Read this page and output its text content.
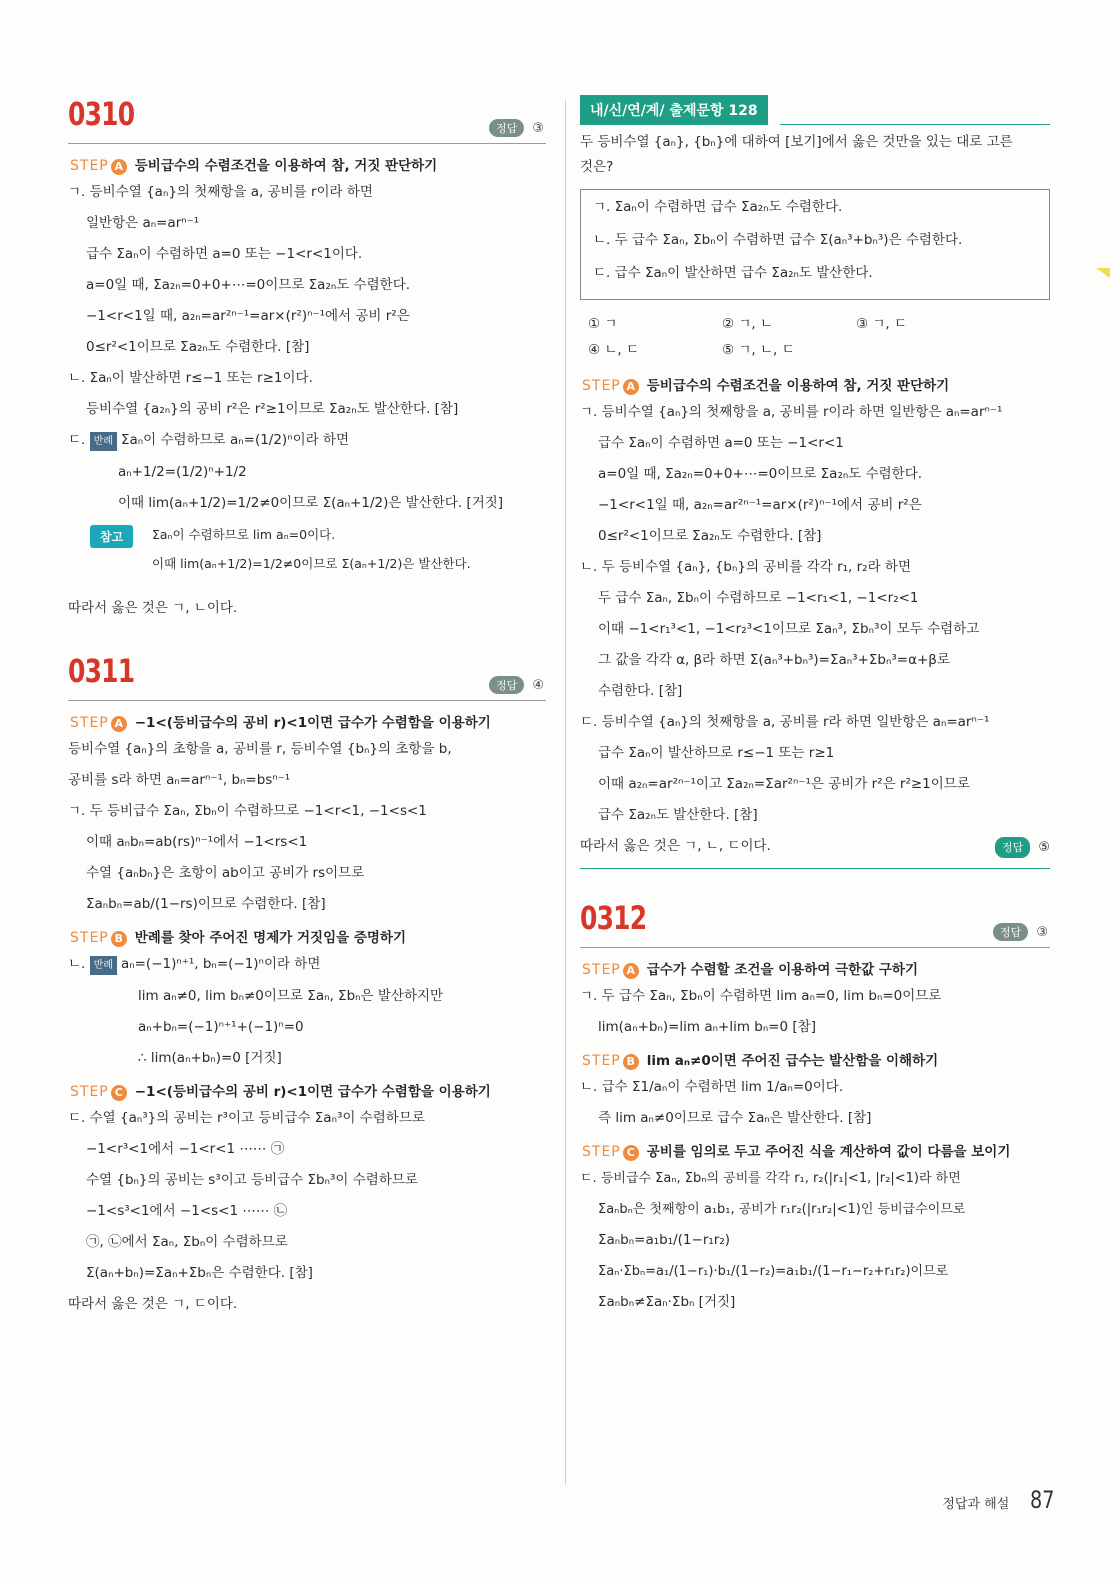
0310	정답 ③
STEP A 등비급수의 수렴조건을 이용하여 참, 거짓 판단하기
ㄱ. 등비수열 {aₙ}의 첫째항을 a, 공비를 r이라 하면
일반항은 aₙ=arⁿ⁻¹
급수 Σaₙ이 수렴하면 a=0 또는 −1<r<1이다.
a=0일 때, Σa₂ₙ=0+0+⋯=0이므로 Σa₂ₙ도 수렴한다.
−1<r<1일 때, a₂ₙ=ar²ⁿ⁻¹=ar×(r²)ⁿ⁻¹에서 공비 r²은
0≤r²<1이므로 Σa₂ₙ도 수렴한다. [참]
ㄴ. Σaₙ이 발산하면 r≤−1 또는 r≥1이다.
등비수열 {a₂ₙ}의 공비 r²은 r²≥1이므로 Σa₂ₙ도 발산한다. [참]
ㄷ. 반례 Σaₙ이 수렴하므로 aₙ=(1/2)ⁿ이라 하면
aₙ+1/2=(1/2)ⁿ+1/2
이때 lim(aₙ+1/2)=1/2≠0이므로 Σ(aₙ+1/2)은 발산한다. [거짓]
참고 Σaₙ이 수렴하므로 lim aₙ=0이다.
이때 lim(aₙ+1/2)=1/2≠0이므로 Σ(aₙ+1/2)은 발산한다.
따라서 옳은 것은 ㄱ, ㄴ이다.
0311	정답 ④
STEP A −1<(등비급수의 공비 r)<1이면 급수가 수렴함을 이용하기
등비수열 {aₙ}의 초항을 a, 공비를 r, 등비수열 {bₙ}의 초항을 b,
공비를 s라 하면 aₙ=arⁿ⁻¹, bₙ=bsⁿ⁻¹
ㄱ. 두 등비급수 Σaₙ, Σbₙ이 수렴하므로 −1<r<1, −1<s<1
이때 aₙbₙ=ab(rs)ⁿ⁻¹에서 −1<rs<1
수열 {aₙbₙ}은 초항이 ab이고 공비가 rs이므로
Σaₙbₙ=ab/(1−rs)이므로 수렴한다. [참]
STEP B 반례를 찾아 주어진 명제가 거짓임을 증명하기
ㄴ. 반례 aₙ=(−1)ⁿ⁺¹, bₙ=(−1)ⁿ이라 하면
lim aₙ≠0, lim bₙ≠0이므로 Σaₙ, Σbₙ은 발산하지만
aₙ+bₙ=(−1)ⁿ⁺¹+(−1)ⁿ=0
∴ lim(aₙ+bₙ)=0 [거짓]
STEP C −1<(등비급수의 공비 r)<1이면 급수가 수렴함을 이용하기
ㄷ. 수열 {aₙ³}의 공비는 r³이고 등비급수 Σaₙ³이 수렴하므로
−1<r³<1에서 −1<r<1 ⋯⋯ ㉠
수열 {bₙ}의 공비는 s³이고 등비급수 Σbₙ³이 수렴하므로
−1<s³<1에서 −1<s<1 ⋯⋯ ㉡
㉠, ㉡에서 Σaₙ, Σbₙ이 수렴하므로
Σ(aₙ+bₙ)=Σaₙ+Σbₙ은 수렴한다. [참]
따라서 옳은 것은 ㄱ, ㄷ이다.
내/신/연/계/ 출제문항 128
두 등비수열 {aₙ}, {bₙ}에 대하여 [보기]에서 옳은 것만을 있는 대로 고른
것은?
ㄱ. Σaₙ이 수렴하면 급수 Σa₂ₙ도 수렴한다.
ㄴ. 두 급수 Σaₙ, Σbₙ이 수렴하면 급수 Σ(aₙ³+bₙ³)은 수렴한다.
ㄷ. 급수 Σaₙ이 발산하면 급수 Σa₂ₙ도 발산한다.
① ㄱ	② ㄱ, ㄴ	③ ㄱ, ㄷ
④ ㄴ, ㄷ	⑤ ㄱ, ㄴ, ㄷ
STEP A 등비급수의 수렴조건을 이용하여 참, 거짓 판단하기
ㄱ. 등비수열 {aₙ}의 첫째항을 a, 공비를 r이라 하면 일반항은 aₙ=arⁿ⁻¹
급수 Σaₙ이 수렴하면 a=0 또는 −1<r<1
a=0일 때, Σa₂ₙ=0+0+⋯=0이므로 Σa₂ₙ도 수렴한다.
−1<r<1일 때, a₂ₙ=ar²ⁿ⁻¹=ar×(r²)ⁿ⁻¹에서 공비 r²은
0≤r²<1이므로 Σa₂ₙ도 수렴한다. [참]
ㄴ. 두 등비수열 {aₙ}, {bₙ}의 공비를 각각 r₁, r₂라 하면
두 급수 Σaₙ, Σbₙ이 수렴하므로 −1<r₁<1, −1<r₂<1
이때 −1<r₁³<1, −1<r₂³<1이므로 Σaₙ³, Σbₙ³이 모두 수렴하고
그 값을 각각 α, β라 하면 Σ(aₙ³+bₙ³)=Σaₙ³+Σbₙ³=α+β로
수렴한다. [참]
ㄷ. 등비수열 {aₙ}의 첫째항을 a, 공비를 r라 하면 일반항은 aₙ=arⁿ⁻¹
급수 Σaₙ이 발산하므로 r≤−1 또는 r≥1
이때 a₂ₙ=ar²ⁿ⁻¹이고 Σa₂ₙ=Σar²ⁿ⁻¹은 공비가 r²은 r²≥1이므로
급수 Σa₂ₙ도 발산한다. [참]
따라서 옳은 것은 ㄱ, ㄴ, ㄷ이다.	정답 ⑤
0312	정답 ③
STEP A 급수가 수렴할 조건을 이용하여 극한값 구하기
ㄱ. 두 급수 Σaₙ, Σbₙ이 수렴하면 lim aₙ=0, lim bₙ=0이므로
lim(aₙ+bₙ)=lim aₙ+lim bₙ=0 [참]
STEP B lim aₙ≠0이면 주어진 급수는 발산함을 이해하기
ㄴ. 급수 Σ1/aₙ이 수렴하면 lim 1/aₙ=0이다.
즉 lim aₙ≠0이므로 급수 Σaₙ은 발산한다. [참]
STEP C 공비를 임의로 두고 주어진 식을 계산하여 값이 다름을 보이기
ㄷ. 등비급수 Σaₙ, Σbₙ의 공비를 각각 r₁, r₂(|r₁|<1, |r₂|<1)라 하면
Σaₙbₙ은 첫째항이 a₁b₁, 공비가 r₁r₂(|r₁r₂|<1)인 등비급수이므로
Σaₙbₙ=a₁b₁/(1−r₁r₂)
Σaₙ·Σbₙ=a₁/(1−r₁)·b₁/(1−r₂)=a₁b₁/(1−r₁−r₂+r₁r₂)이므로
Σaₙbₙ≠Σaₙ·Σbₙ [거짓]
정답과 해설 87
